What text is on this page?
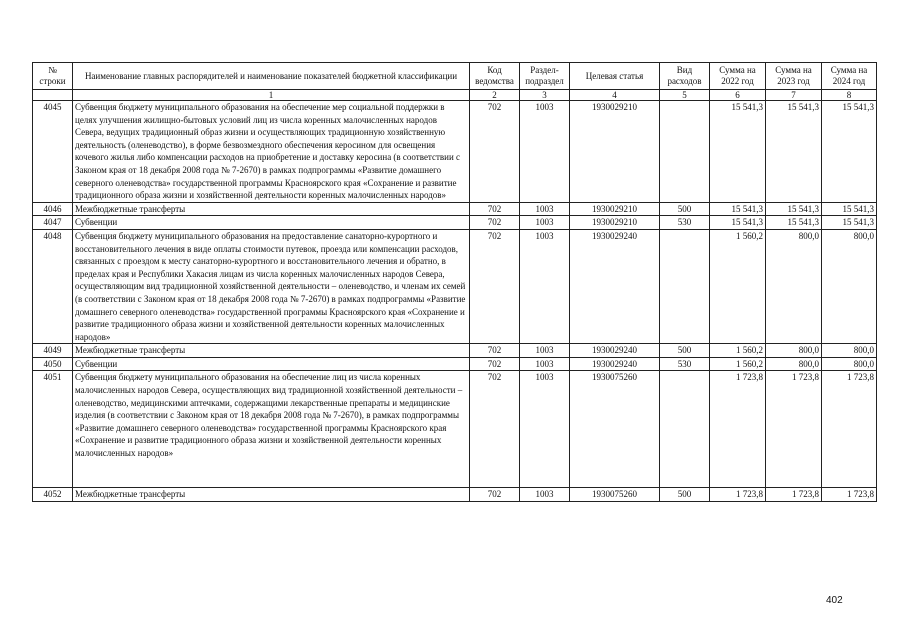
№ строки	Наименование главных распорядителей и наименование показателей бюджетной классификации	Код ведомства	Раздел-подраздел	Целевая статья	Вид расходов	Сумма на 2022 год	Сумма на 2023 год	Сумма на 2024 год
	1	2	3	4	5	6	7	8
4045	Субвенция бюджету муниципального образования на обеспечение мер социальной поддержки в целях улучшения жилищно-бытовых условий лиц из числа коренных малочисленных народов Севера, ведущих традиционный образ жизни и осуществляющих традиционную хозяйственную деятельность (оленеводство), в форме безвозмездного обеспечения керосином для освещения кочевого жилья либо компенсации расходов на приобретение и доставку керосина (в соответствии с Законом края от 18 декабря 2008 года № 7-2670) в рамках подпрограммы «Развитие домашнего северного оленеводства» государственной программы Красноярского края «Сохранение и развитие традиционного образа жизни и хозяйственной деятельности коренных малочисленных народов»	702	1003	1930029210		15 541,3	15 541,3	15 541,3
4046	Межбюджетные трансферты	702	1003	1930029210	500	15 541,3	15 541,3	15 541,3
4047	Субвенции	702	1003	1930029210	530	15 541,3	15 541,3	15 541,3
4048	Субвенция бюджету муниципального образования на предоставление санаторно-курортного и восстановительного лечения в виде оплаты стоимости путевок, проезда или компенсации расходов, связанных с проездом к месту санаторно-курортного и восстановительного лечения и обратно, в пределах края и Республики Хакасия лицам из числа коренных малочисленных народов Севера, осуществляющим вид традиционной хозяйственной деятельности – оленеводство, и членам их семей (в соответствии с Законом края от 18 декабря 2008 года № 7-2670) в рамках подпрограммы «Развитие домашнего северного оленеводства» государственной программы Красноярского края «Сохранение и развитие традиционного образа жизни и хозяйственной деятельности коренных малочисленных народов»	702	1003	1930029240		1 560,2	800,0	800,0
4049	Межбюджетные трансферты	702	1003	1930029240	500	1 560,2	800,0	800,0
4050	Субвенции	702	1003	1930029240	530	1 560,2	800,0	800,0
4051	Субвенция бюджету муниципального образования на обеспечение лиц из числа коренных малочисленных народов Севера, осуществляющих вид традиционной хозяйственной деятельности – оленеводство, медицинскими аптечками, содержащими лекарственные препараты и медицинские изделия (в соответствии с Законом края от 18 декабря 2008 года № 7-2670), в рамках подпрограммы «Развитие домашнего северного оленеводства» государственной программы Красноярского края «Сохранение и развитие традиционного образа жизни и хозяйственной деятельности коренных малочисленных народов»	702	1003	1930075260		1 723,8	1 723,8	1 723,8
4052	Межбюджетные трансферты	702	1003	1930075260	500	1 723,8	1 723,8	1 723,8
402
